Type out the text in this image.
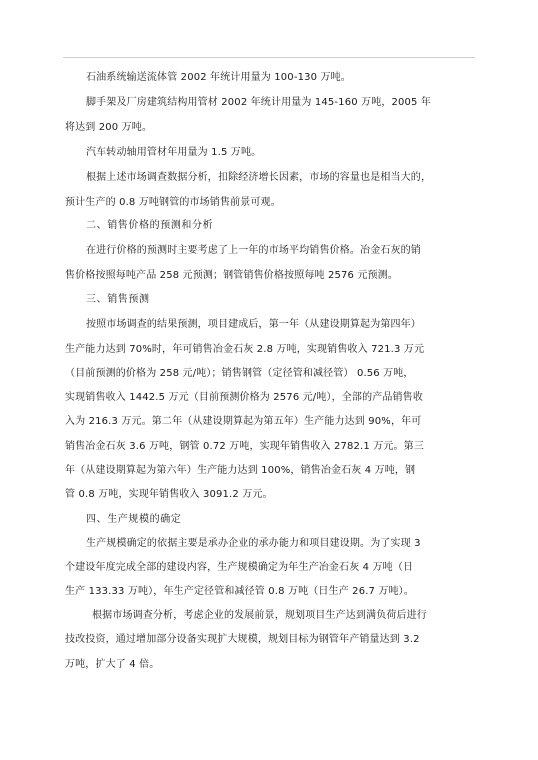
石油系统输送流体管 2002 年统计用量为 100-130 万吨。
脚手架及厂房建筑结构用管材 2002 年统计用量为 145-160 万吨，2005 年
将达到 200 万吨。
汽车转动轴用管材年用量为 1.5 万吨。
根据上述市场调查数据分析，扣除经济增长因素，市场的容量也是相当大的，
预计生产的 0.8 万吨钢管的市场销售前景可观。
二、销售价格的预测和分析
在进行价格的预测时主要考虑了上一年的市场平均销售价格。冶金石灰的销
售价格按照每吨产品 258 元预测；钢管销售价格按照每吨 2576 元预测。
三、销售预测
按照市场调查的结果预测，项目建成后，第一年（从建设期算起为第四年）
生产能力达到 70%时，年可销售冶金石灰 2.8 万吨，实现销售收入 721.3 万元
（目前预测的价格为 258 元/吨）；销售钢管（定径管和减径管） 0.56 万吨，
实现销售收入 1442.5 万元（目前预测价格为 2576 元/吨），全部的产品销售收
入为 216.3 万元。第二年（从建设期算起为第五年）生产能力达到 90%，年可
销售冶金石灰 3.6 万吨，钢管 0.72 万吨，实现年销售收入 2782.1 万元。第三
年（从建设期算起为第六年）生产能力达到 100%，销售冶金石灰 4 万吨，钢
管 0.8 万吨，实现年销售收入 3091.2 万元。
四、生产规模的确定
生产规模确定的依据主要是承办企业的承办能力和项目建设期。为了实现 3
个建设年度完成全部的建设内容，生产规模确定为年生产冶金石灰 4 万吨（日
生产 133.33 万吨），年生产定径管和减径管 0.8 万吨（日生产 26.7 万吨）。
根据市场调查分析，考虑企业的发展前景，规划项目生产达到满负荷后进行
技改投资，通过增加部分设备实现扩大规模，规划目标为钢管年产销量达到 3.2
万吨，扩大了 4 倍。
